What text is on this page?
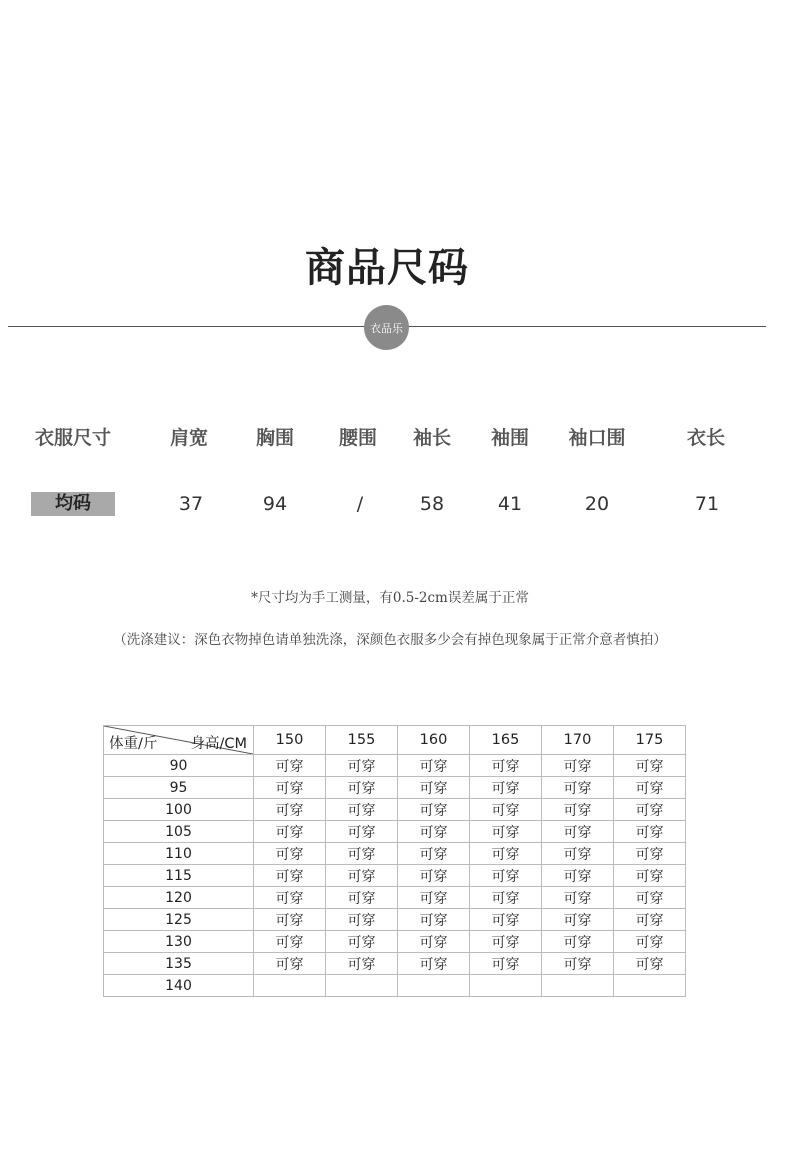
商品尺码
衣品乐
衣服尺寸	肩宽	胸围	腰围	袖长	袖围	袖口围	衣长
均码	37	94	/	58	41	20	71
*尺寸均为手工测量，有0.5-2cm误差属于正常
（洗涤建议：深色衣物掉色请单独洗涤，深颜色衣服多少会有掉色现象属于正常介意者慎拍）
体重/斤 身高/CM	150	155	160	165	170	175
90	可穿	可穿	可穿	可穿	可穿	可穿
95	可穿	可穿	可穿	可穿	可穿	可穿
100	可穿	可穿	可穿	可穿	可穿	可穿
105	可穿	可穿	可穿	可穿	可穿	可穿
110	可穿	可穿	可穿	可穿	可穿	可穿
115	可穿	可穿	可穿	可穿	可穿	可穿
120	可穿	可穿	可穿	可穿	可穿	可穿
125	可穿	可穿	可穿	可穿	可穿	可穿
130	可穿	可穿	可穿	可穿	可穿	可穿
135	可穿	可穿	可穿	可穿	可穿	可穿
140						
